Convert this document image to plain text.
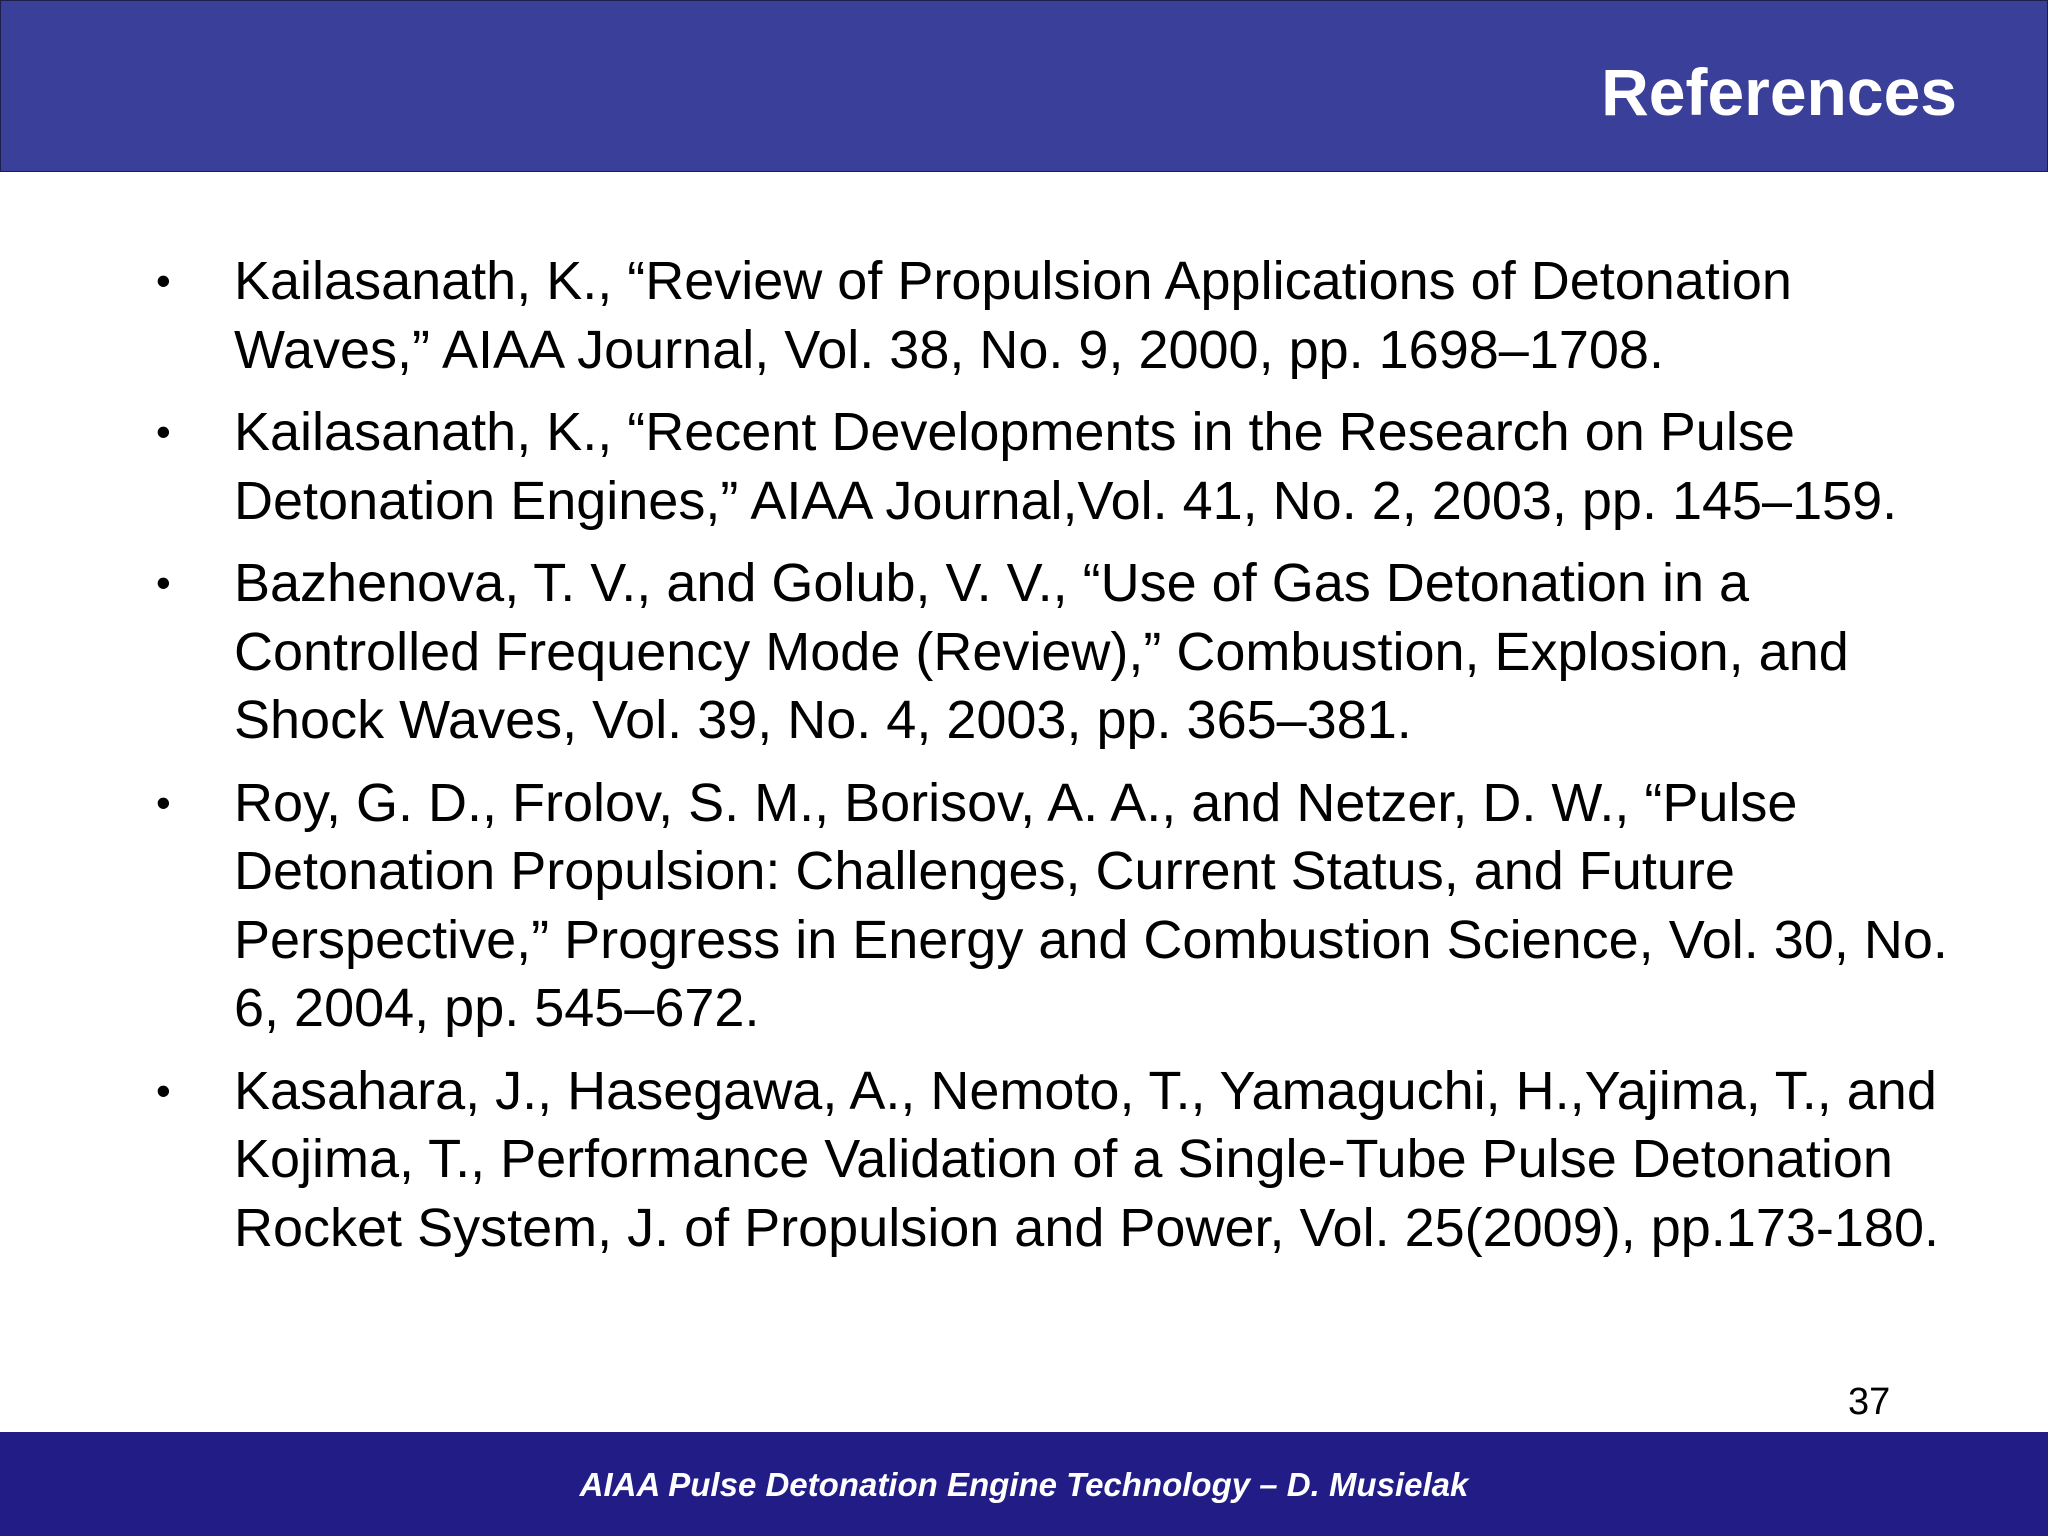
References
• Kailasanath, K., “Review of Propulsion Applications of Detonation Waves,” AIAA Journal, Vol. 38, No. 9, 2000, pp. 1698–1708.
• Kailasanath, K., “Recent Developments in the Research on Pulse Detonation Engines,” AIAA Journal,Vol. 41, No. 2, 2003, pp. 145–159.
• Bazhenova, T. V., and Golub, V. V., “Use of Gas Detonation in a Controlled Frequency Mode (Review),” Combustion, Explosion, and Shock Waves, Vol. 39, No. 4, 2003, pp. 365–381.
• Roy, G. D., Frolov, S. M., Borisov, A. A., and Netzer, D. W., “Pulse Detonation Propulsion: Challenges, Current Status, and Future Perspective,” Progress in Energy and Combustion Science, Vol. 30, No. 6, 2004, pp. 545–672.
• Kasahara, J., Hasegawa, A., Nemoto, T., Yamaguchi, H.,Yajima, T., and Kojima, T., Performance Validation of a Single-Tube Pulse Detonation Rocket System, J. of Propulsion and Power, Vol. 25(2009), pp.173-180.
37
AIAA Pulse Detonation Engine Technology – D. Musielak
